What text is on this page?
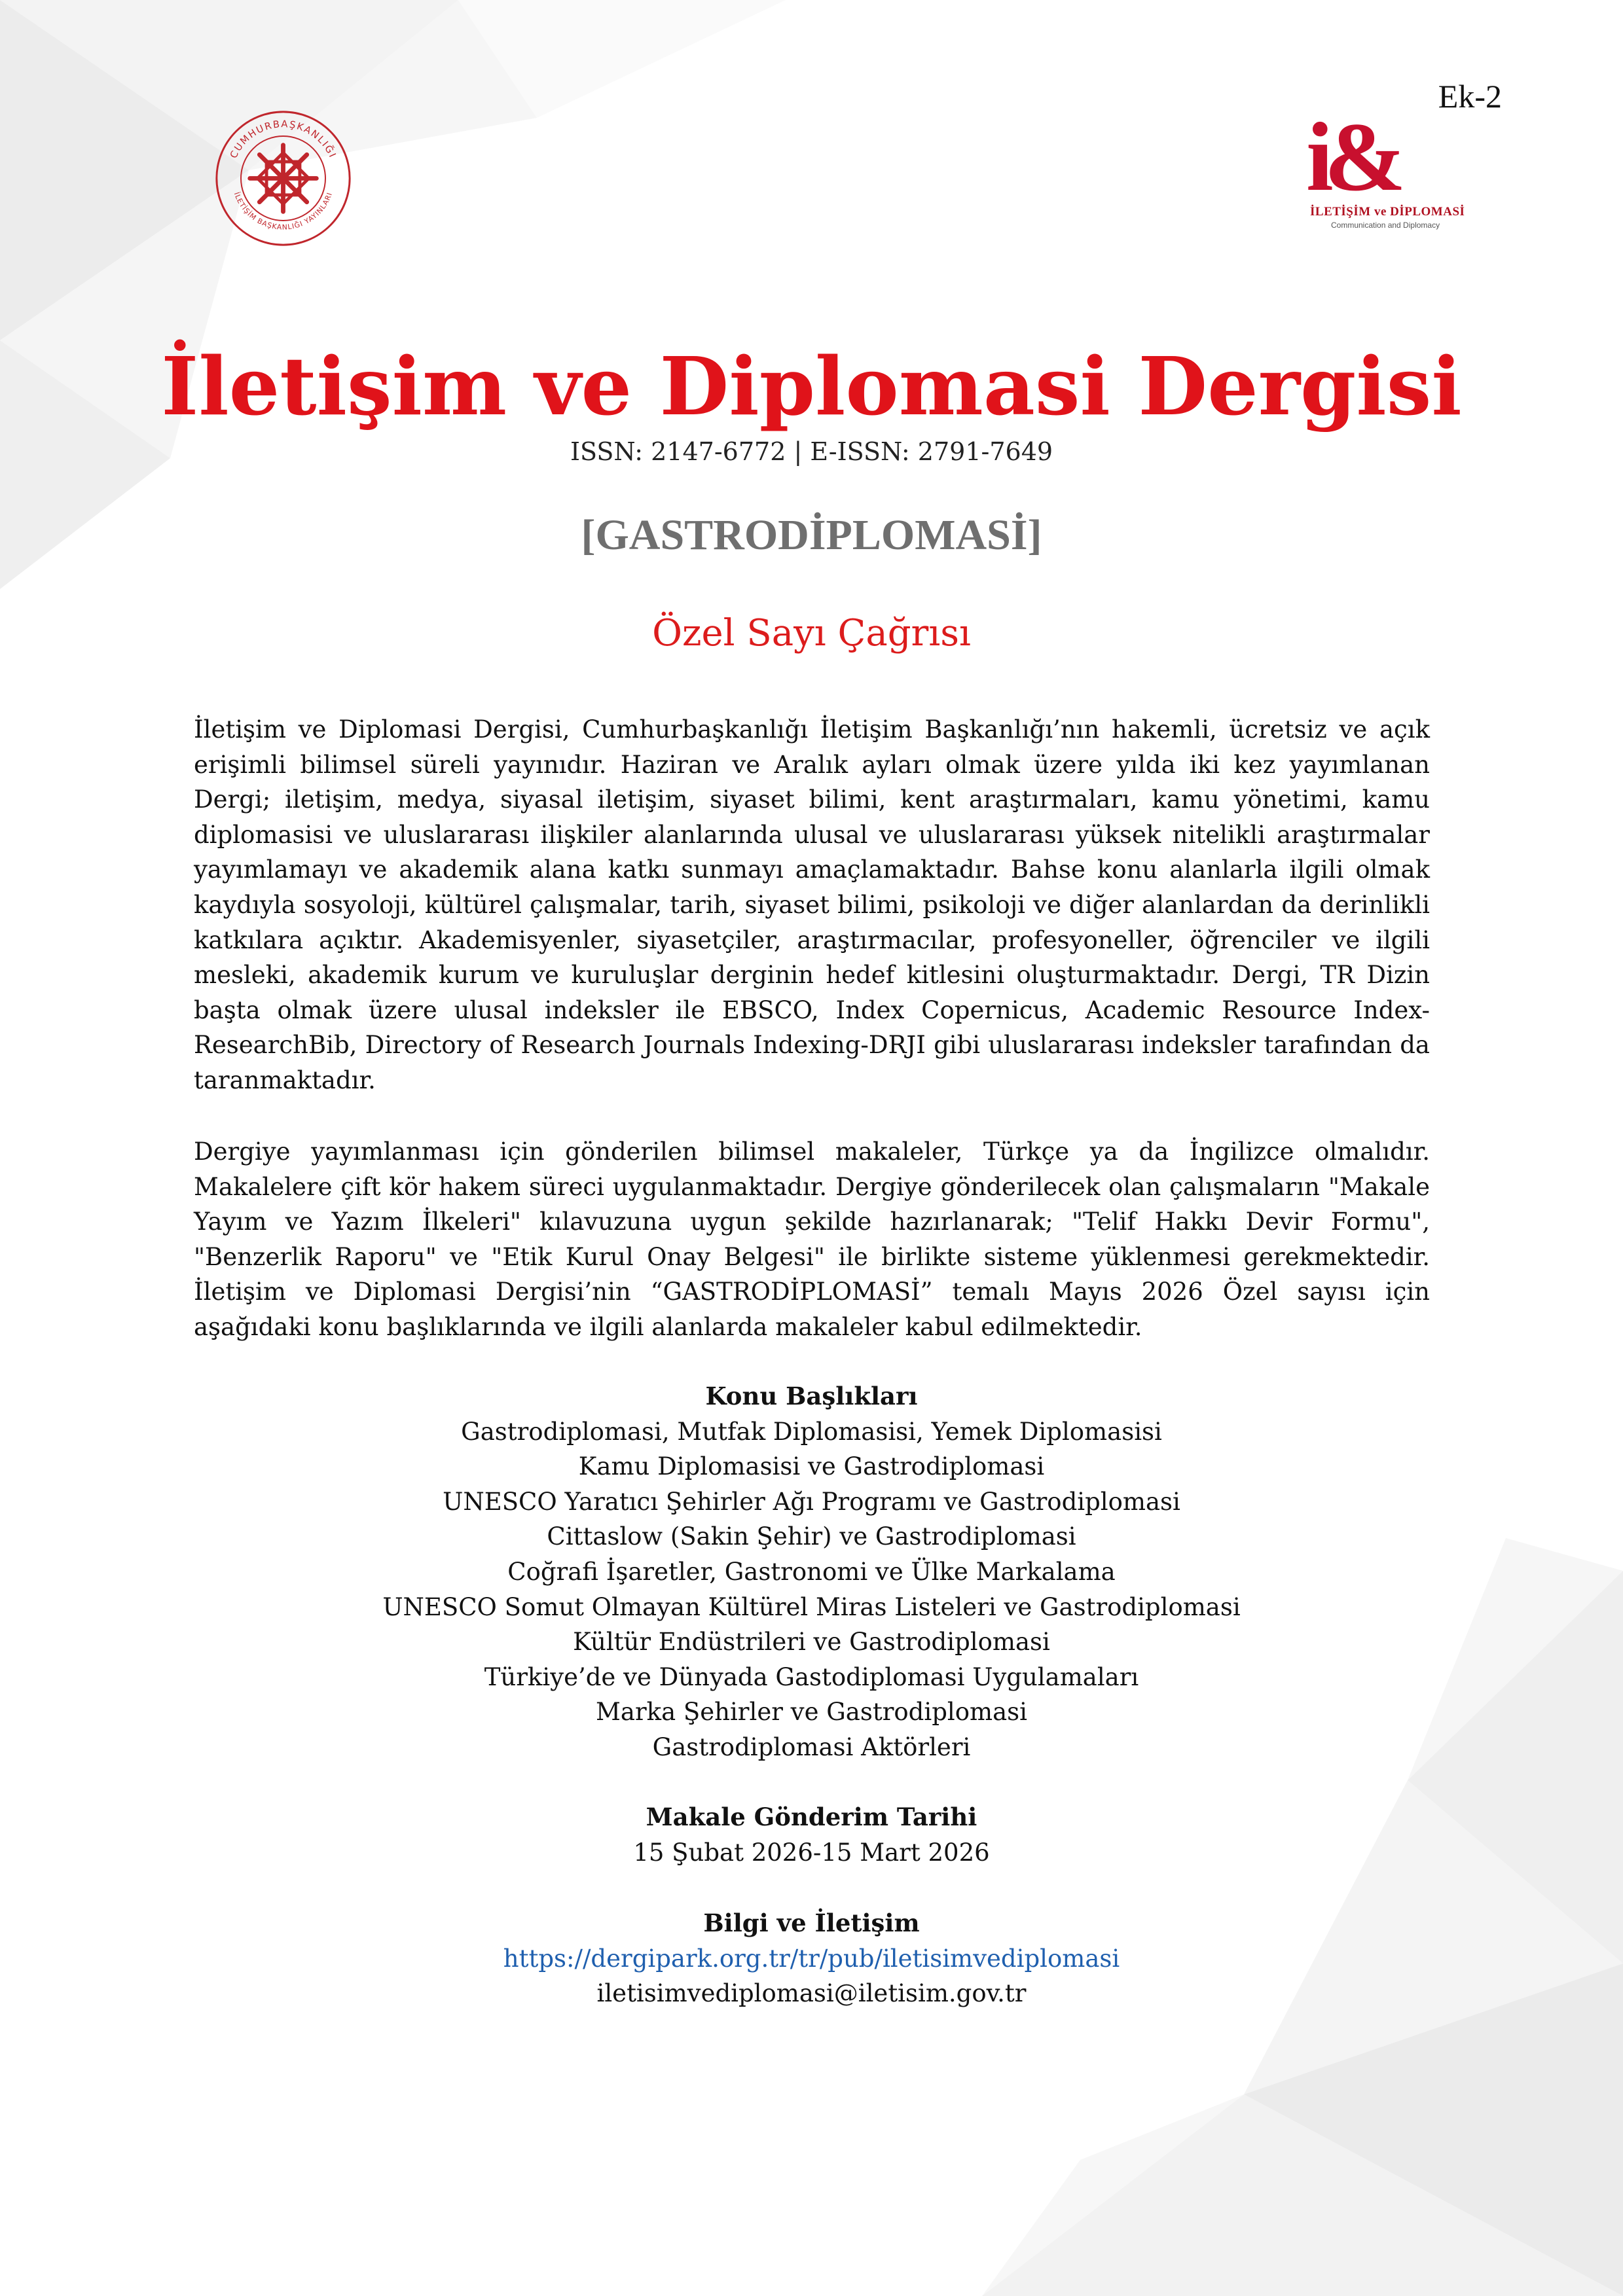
Ek-2
CUMHURBAŞKANLIĞI
İLETİŞİM BAŞKANLIĞI YAYINLARI	i&
İLETİŞİM ve DİPLOMASİ
Communication and Diplomacy
İletişim ve Diplomasi Dergisi
ISSN: 2147-6772 | E-ISSN: 2791-7649
[GASTRODİPLOMASİ]
Özel Sayı Çağrısı

İletişim ve Diplomasi Dergisi, Cumhurbaşkanlığı İletişim Başkanlığı’nın hakemli, ücretsiz ve açık erişimli bilimsel süreli yayınıdır. Haziran ve Aralık ayları olmak üzere yılda iki kez yayımlanan Dergi; iletişim, medya, siyasal iletişim, siyaset bilimi, kent araştırmaları, kamu yönetimi, kamu diplomasisi ve uluslararası ilişkiler alanlarında ulusal ve uluslararası yüksek nitelikli araştırmalar yayımlamayı ve akademik alana katkı sunmayı amaçlamaktadır. Bahse konu alanlarla ilgili olmak kaydıyla sosyoloji, kültürel çalışmalar, tarih, siyaset bilimi, psikoloji ve diğer alanlardan da derinlikli katkılara açıktır. Akademisyenler, siyasetçiler, araştırmacılar, profesyoneller, öğrenciler ve ilgili mesleki, akademik kurum ve kuruluşlar derginin hedef kitlesini oluşturmaktadır. Dergi, TR Dizin başta olmak üzere ulusal indeksler ile EBSCO, Index Copernicus, Academic Resource Index-ResearchBib, Directory of Research Journals Indexing-DRJI gibi uluslararası indeksler tarafından da taranmaktadır.

Dergiye yayımlanması için gönderilen bilimsel makaleler, Türkçe ya da İngilizce olmalıdır. Makalelere çift kör hakem süreci uygulanmaktadır. Dergiye gönderilecek olan çalışmaların "Makale Yayım ve Yazım İlkeleri" kılavuzuna uygun şekilde hazırlanarak; "Telif Hakkı Devir Formu", "Benzerlik Raporu" ve "Etik Kurul Onay Belgesi" ile birlikte sisteme yüklenmesi gerekmektedir. İletişim ve Diplomasi Dergisi’nin “GASTRODİPLOMASİ” temalı Mayıs 2026 Özel sayısı için aşağıdaki konu başlıklarında ve ilgili alanlarda makaleler kabul edilmektedir.

Konu Başlıkları
Gastrodiplomasi, Mutfak Diplomasisi, Yemek Diplomasisi
Kamu Diplomasisi ve Gastrodiplomasi
UNESCO Yaratıcı Şehirler Ağı Programı ve Gastrodiplomasi
Cittaslow (Sakin Şehir) ve Gastrodiplomasi
Coğrafi İşaretler, Gastronomi ve Ülke Markalama
UNESCO Somut Olmayan Kültürel Miras Listeleri ve Gastrodiplomasi
Kültür Endüstrileri ve Gastrodiplomasi
Türkiye’de ve Dünyada Gastodiplomasi Uygulamaları
Marka Şehirler ve Gastrodiplomasi
Gastrodiplomasi Aktörleri
Makale Gönderim Tarihi
15 Şubat 2026-15 Mart 2026
Bilgi ve İletişim
https://dergipark.org.tr/tr/pub/iletisimvediplomasi
iletisimvediplomasi@iletisim.gov.tr
